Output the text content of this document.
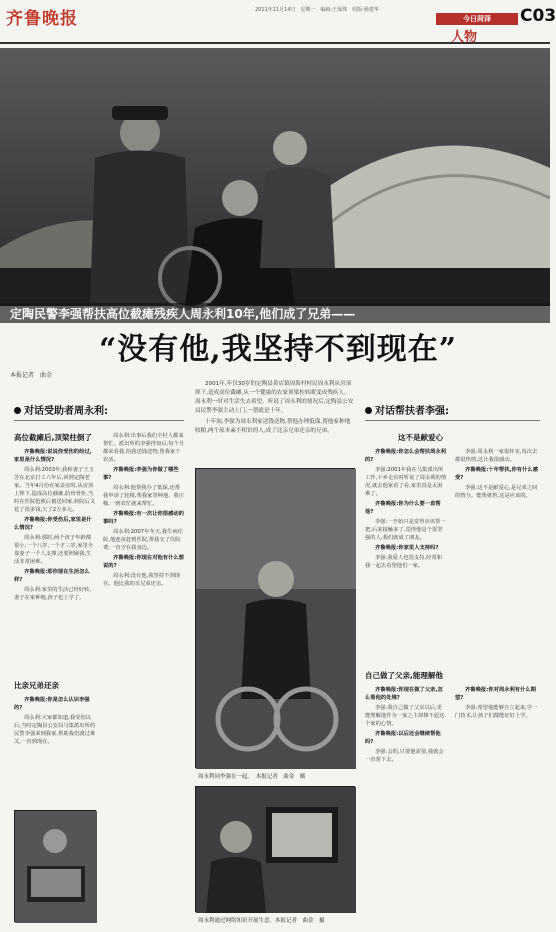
齐鲁晚报	2011年11月14日　星期一　编辑:王保珠　组版:杨建华
今日菏泽
人物
C03
定陶民警李强帮扶高位截瘫残疾人周永利10年,他们成了兄弟——
“没有他,我坚持不到现在”
本报记者　曲金
对话受助者周永利:
高位截瘫后,顶梁柱倒了

齐鲁晚报:说说你受伤的经过,家里是什么情况?

周永利:2003年,我和妻子王玉芳在北京打工六年后,回到定陶老家。当年4月份在家盖房时,从房顶上摔下,造成高位截瘫,肋骨骨折,当时在医院抢救后被送回家,转院后又花了很多钱,欠了2万多元。

齐鲁晚报:你受伤后,家里是什么情况?

周永利:那时,两个孩子年龄都很小,一个八岁,一个才三岁,家里全靠妻子一个人支撑,还要照顾我,生活非常困难。

齐鲁晚报:那你现在生活怎么样?

周永利:家里的生活已经好转,妻子在家种地,孩子也上学了。

比亲兄弟还亲

齐鲁晚报:你是怎么认识李强的?

周永利:大家都知道,我受伤以后,当时定陶县公安局马集派出所的民警李强来到我家,帮助我们渡过难关,一直到现在。

周永利:出事后我们全村人都来帮忙。派出所的李强得知后,每个月都来看我,给我送钱送物,帮我家干农活。

齐鲁晚报:李强为你做了哪些事?

周永利:他帮我办了低保,还帮我申请了轮椅,帮我家里种地、收庄稼,一到农忙就来帮忙。

齐鲁晚报:有一次让你很感动的事吗?

周永利:2007年冬天,我生病住院,他连夜赶到医院,帮我交了住院费,一直守在我身边。

齐鲁晚报:你现在对他有什么想说的?

周永利:没有他,我坚持不到现在。他比我的亲兄弟还亲。

2001年,年仅30岁的定陶县黄店镇周海村村民周永利从房顶摔下,造成高位截瘫,从一个健康的农家顶梁柱转眼变成残疾人。周永利一时对生活失去希望。听说了周永利的情况后,定陶县公安局民警李强主动上门,一帮就是十年。

十年间,李强为周永利家送钱送物,帮他办理低保,帮他家种地收粮,两个原本素不相识的人,成了比亲兄弟还亲的兄弟。

周永利同李强在一起。　本报记者　曲金　摄
周永利通过网络知识开展生意。本报记者　曲金　摄
对话帮扶者李强:
这不是献爱心

齐鲁晚报:你怎么会帮扶周永利的?

李强:2001年我在马集派出所工作,下乡走访时听说了周永利的情况,就去他家看了看,家里真是太困难了。

齐鲁晚报:你为什么要一直帮他?

李强:一开始只是觉得应该帮一把,后来接触多了,觉得他是个很坚强的人,我们就成了朋友。

齐鲁晚报:你家里人支持吗?

李强:我爱人也很支持,经常和我一起去看望他们一家。

李强:周永利一家很朴实,每次去都很热情,这让我很感动。

齐鲁晚报:十年帮扶,你有什么感受?

李强:这不是献爱心,是兄弟之间的情分。能帮就帮,这是应该的。

自己做了父亲,能理解他

齐鲁晚报:你现在做了父亲,怎么看他的处境?

李强:我自己做了父亲以后,更能理解他作为一家之主却撑不起这个家的心情。

齐鲁晚报:以后还会继续帮他吗?

李强:会的,只要他需要,我就会一直帮下去。

齐鲁晚报:你对周永利有什么期望?

李强:希望他能够自立起来,学一门技术,让孩子们都能好好上学。
